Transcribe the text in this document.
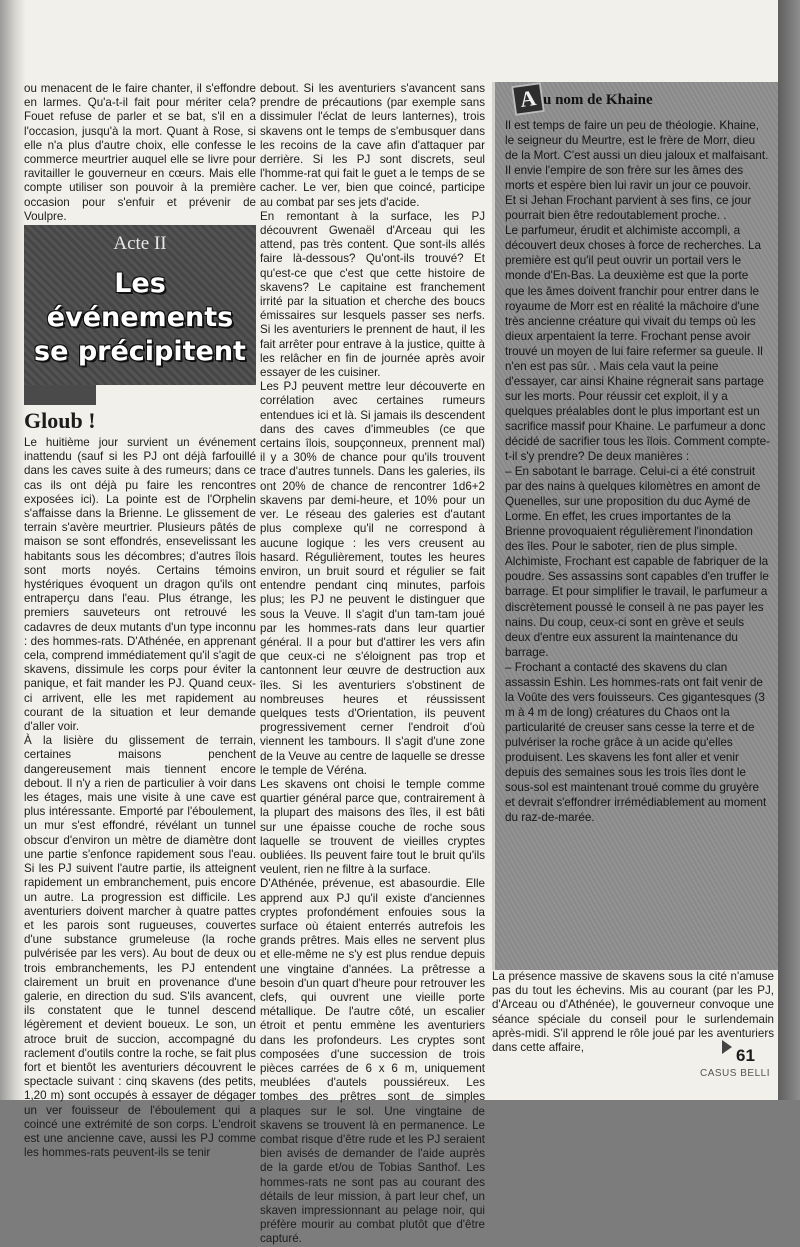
ou menacent de le faire chanter, il s'effondre en larmes. Qu'a-t-il fait pour mériter cela? Fouet refuse de parler et se bat, s'il en a l'occasion, jusqu'à la mort. Quant à Rose, si elle n'a plus d'autre choix, elle confesse le commerce meurtrier auquel elle se livre pour ravitailler le gouverneur en cœurs. Mais elle compte utiliser son pouvoir à la première occasion pour s'enfuir et prévenir de Voulpre.

Acte II
Les
événements
se précipitent
Gloub !

Le huitième jour survient un événement inattendu (sauf si les PJ ont déjà farfouillé dans les caves suite à des rumeurs; dans ce cas ils ont déjà pu faire les rencontres exposées ici). La pointe est de l'Orphelin s'affaisse dans la Brienne. Le glissement de terrain s'avère meurtrier. Plusieurs pâtés de maison se sont effondrés, ensevelissant les habitants sous les décombres; d'autres îlois sont morts noyés. Certains témoins hystériques évoquent un dragon qu'ils ont entraperçu dans l'eau. Plus étrange, les premiers sauveteurs ont retrouvé les cadavres de deux mutants d'un type inconnu : des hommes-rats. D'Athénée, en apprenant cela, comprend immédiatement qu'il s'agit de skavens, dissimule les corps pour éviter la panique, et fait mander les PJ. Quand ceux-ci arrivent, elle les met rapidement au courant de la situation et leur demande d'aller voir.

À la lisière du glissement de terrain, certaines maisons penchent dangereusement mais tiennent encore debout. Il n'y a rien de particulier à voir dans les étages, mais une visite à une cave est plus intéressante. Emporté par l'éboulement, un mur s'est effondré, révélant un tunnel obscur d'environ un mètre de diamètre dont une partie s'enfonce rapidement sous l'eau. Si les PJ suivent l'autre partie, ils atteignent rapidement un embranchement, puis encore un autre. La progression est difficile. Les aventuriers doivent marcher à quatre pattes et les parois sont rugueuses, couvertes d'une substance grumeleuse (la roche pulvérisée par les vers). Au bout de deux ou trois embranchements, les PJ entendent clairement un bruit en provenance d'une galerie, en direction du sud. S'ils avancent, ils constatent que le tunnel descend légèrement et devient boueux. Le son, un atroce bruit de succion, accompagné du raclement d'outils contre la roche, se fait plus fort et bientôt les aventuriers découvrent le spectacle suivant : cinq skavens (des petits, 1,20 m) sont occupés à essayer de dégager un ver fouisseur de l'éboulement qui a coincé une extrémité de son corps. L'endroit est une ancienne cave, aussi les PJ comme les hommes-rats peuvent-ils se tenir

debout. Si les aventuriers s'avancent sans prendre de précautions (par exemple sans dissimuler l'éclat de leurs lanternes), trois skavens ont le temps de s'embusquer dans les recoins de la cave afin d'attaquer par derrière. Si les PJ sont discrets, seul l'homme-rat qui fait le guet a le temps de se cacher. Le ver, bien que coincé, participe au combat par ses jets d'acide.

En remontant à la surface, les PJ découvrent Gwenaël d'Arceau qui les attend, pas très content. Que sont-ils allés faire là-dessous? Qu'ont-ils trouvé? Et qu'est-ce que c'est que cette histoire de skavens? Le capitaine est franchement irrité par la situation et cherche des boucs émissaires sur lesquels passer ses nerfs. Si les aventuriers le prennent de haut, il les fait arrêter pour entrave à la justice, quitte à les relâcher en fin de journée après avoir essayer de les cuisiner.

Les PJ peuvent mettre leur découverte en corrélation avec certaines rumeurs entendues ici et là. Si jamais ils descendent dans des caves d'immeubles (ce que certains îlois, soupçonneux, prennent mal) il y a 30% de chance pour qu'ils trouvent trace d'autres tunnels. Dans les galeries, ils ont 20% de chance de rencontrer 1d6+2 skavens par demi-heure, et 10% pour un ver. Le réseau des galeries est d'autant plus complexe qu'il ne correspond à aucune logique : les vers creusent au hasard. Régulièrement, toutes les heures environ, un bruit sourd et régulier se fait entendre pendant cinq minutes, parfois plus; les PJ ne peuvent le distinguer que sous la Veuve. Il s'agit d'un tam-tam joué par les hommes-rats dans leur quartier général. Il a pour but d'attirer les vers afin que ceux-ci ne s'éloignent pas trop et cantonnent leur œuvre de destruction aux îles. Si les aventuriers s'obstinent de nombreuses heures et réussissent quelques tests d'Orientation, ils peuvent progressivement cerner l'endroit d'où viennent les tambours. Il s'agit d'une zone de la Veuve au centre de laquelle se dresse le temple de Véréna.

Les skavens ont choisi le temple comme quartier général parce que, contrairement à la plupart des maisons des îles, il est bâti sur une épaisse couche de roche sous laquelle se trouvent de vieilles cryptes oubliées. Ils peuvent faire tout le bruit qu'ils veulent, rien ne filtre à la surface.

D'Athénée, prévenue, est abasourdie. Elle apprend aux PJ qu'il existe d'anciennes cryptes profondément enfouies sous la surface où étaient enterrés autrefois les grands prêtres. Mais elles ne servent plus et elle-même ne s'y est plus rendue depuis une vingtaine d'années. La prêtresse a besoin d'un quart d'heure pour retrouver les clefs, qui ouvrent une vieille porte métallique. De l'autre côté, un escalier étroit et pentu emmène les aventuriers dans les profondeurs. Les cryptes sont composées d'une succession de trois pièces carrées de 6 x 6 m, uniquement meublées d'autels poussiéreux. Les tombes des prêtres sont de simples plaques sur le sol. Une vingtaine de skavens se trouvent là en permanence. Le combat risque d'être rude et les PJ seraient bien avisés de demander de l'aide auprès de la garde et/ou de Tobias Santhof. Les hommes-rats ne sont pas au courant des détails de leur mission, à part leur chef, un skaven impressionnant au pelage noir, qui préfère mourir au combat plutôt que d'être capturé.

A u nom de Khaine

Il est temps de faire un peu de théologie. Khaine, le seigneur du Meurtre, est le frère de Morr, dieu de la Mort. C'est aussi un dieu jaloux et malfaisant. Il envie l'empire de son frère sur les âmes des morts et espère bien lui ravir un jour ce pouvoir.

Et si Jehan Frochant parvient à ses fins, ce jour pourrait bien être redoutablement proche. .

Le parfumeur, érudit et alchimiste accompli, a découvert deux choses à force de recherches. La première est qu'il peut ouvrir un portail vers le monde d'En-Bas. La deuxième est que la porte que les âmes doivent franchir pour entrer dans le royaume de Morr est en réalité la mâchoire d'une très ancienne créature qui vivait du temps où les dieux arpentaient la terre. Frochant pense avoir trouvé un moyen de lui faire refermer sa gueule. Il n'en est pas sûr. . Mais cela vaut la peine d'essayer, car ainsi Khaine régnerait sans partage sur les morts. Pour réussir cet exploit, il y a quelques préalables dont le plus important est un sacrifice massif pour Khaine. Le parfumeur a donc décidé de sacrifier tous les îlois. Comment compte-t-il s'y prendre? De deux manières :

– En sabotant le barrage. Celui-ci a été construit par des nains à quelques kilomètres en amont de Quenelles, sur une proposition du duc Aymé de Lorme. En effet, les crues importantes de la Brienne provoquaient régulièrement l'inondation des îles. Pour le saboter, rien de plus simple. Alchimiste, Frochant est capable de fabriquer de la poudre. Ses assassins sont capables d'en truffer le barrage. Et pour simplifier le travail, le parfumeur a discrètement poussé le conseil à ne pas payer les nains. Du coup, ceux-ci sont en grève et seuls deux d'entre eux assurent la maintenance du barrage.

– Frochant a contacté des skavens du clan assassin Eshin. Les hommes-rats ont fait venir de la Voûte des vers fouisseurs. Ces gigantesques (3 m à 4 m de long) créatures du Chaos ont la particularité de creuser sans cesse la terre et de pulvériser la roche grâce à un acide qu'elles produisent. Les skavens les font aller et venir depuis des semaines sous les trois îles dont le sous-sol est maintenant troué comme du gruyère et devrait s'effondrer irrémédiablement au moment du raz-de-marée.

La présence massive de skavens sous la cité n'amuse pas du tout les échevins. Mis au courant (par les PJ, d'Arceau ou d'Athénée), le gouverneur convoque une séance spéciale du conseil pour le surlendemain après-midi. S'il apprend le rôle joué par les aventuriers dans cette affaire,	61
CASUS BELLI
